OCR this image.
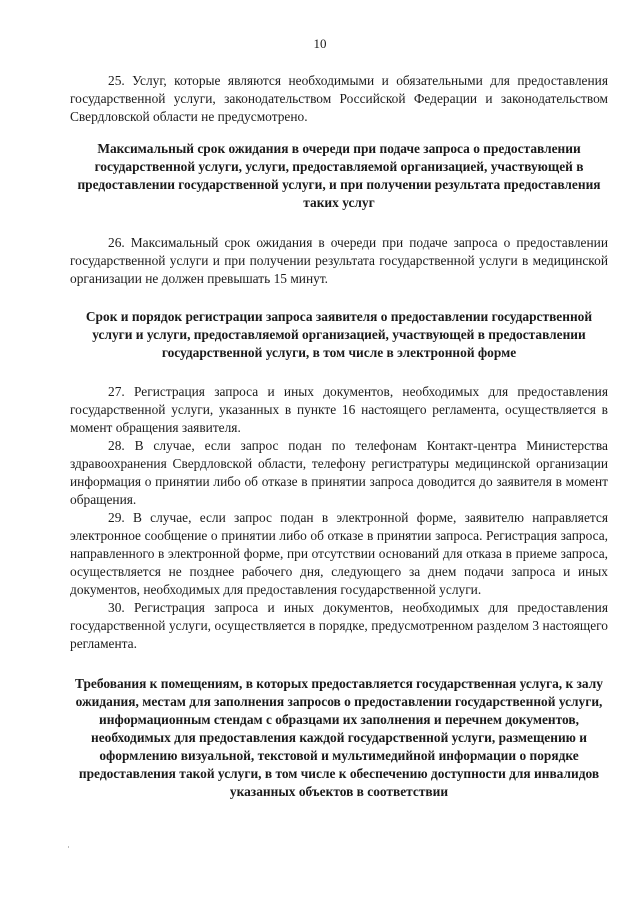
10

25. Услуг, которые являются необходимыми и обязательными для предоставления государственной услуги, законодательством Российской Федерации и законодательством Свердловской области не предусмотрено.

Максимальный срок ожидания в очереди при подаче запроса о предоставлении государственной услуги, услуги, предоставляемой организацией, участвующей в предоставлении государственной услуги, и при получении результата предоставления таких услуг

26. Максимальный срок ожидания в очереди при подаче запроса о предоставлении государственной услуги и при получении результата государственной услуги в медицинской организации не должен превышать 15 минут.

Срок и порядок регистрации запроса заявителя о предоставлении государственной услуги и услуги, предоставляемой организацией, участвующей в предоставлении государственной услуги, в том числе в электронной форме

27. Регистрация запроса и иных документов, необходимых для предоставления государственной услуги, указанных в пункте 16 настоящего регламента, осуществляется в момент обращения заявителя.

28. В случае, если запрос подан по телефонам Контакт-центра Министерства здравоохранения Свердловской области, телефону регистратуры медицинской организации информация о принятии либо об отказе в принятии запроса доводится до заявителя в момент обращения.

29. В случае, если запрос подан в электронной форме, заявителю направляется электронное сообщение о принятии либо об отказе в принятии запроса. Регистрация запроса, направленного в электронной форме, при отсутствии оснований для отказа в приеме запроса, осуществляется не позднее рабочего дня, следующего за днем подачи запроса и иных документов, необходимых для предоставления государственной услуги.

30. Регистрация запроса и иных документов, необходимых для предоставления государственной услуги, осуществляется в порядке, предусмотренном разделом 3 настоящего регламента.

Требования к помещениям, в которых предоставляется государственная услуга, к залу ожидания, местам для заполнения запросов о предоставлении государственной услуги, информационным стендам с образцами их заполнения и перечнем документов, необходимых для предоставления каждой государственной услуги, размещению и оформлению визуальной, текстовой и мультимедийной информации о порядке предоставления такой услуги, в том числе к обеспечению доступности для инвалидов указанных объектов в соответствии
